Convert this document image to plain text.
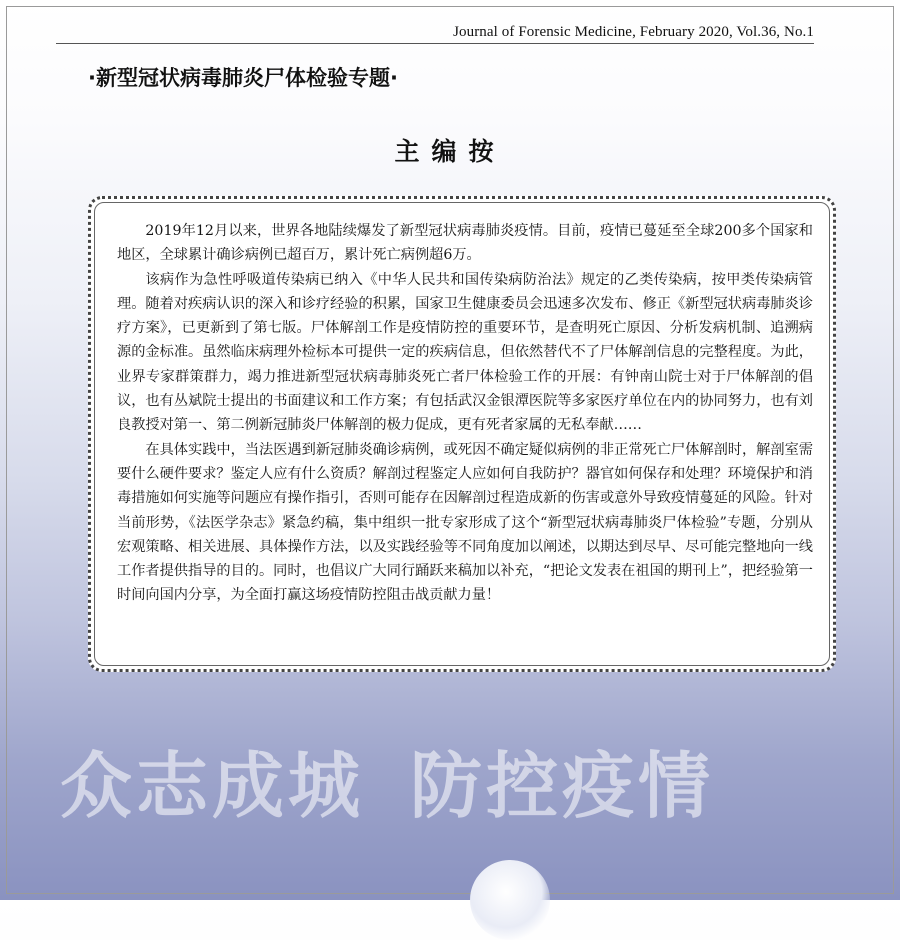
Journal of Forensic Medicine, February 2020, Vol.36, No.1
·新型冠状病毒肺炎尸体检验专题·
主编按

2019年12月以来，世界各地陆续爆发了新型冠状病毒肺炎疫情。目前，疫情已蔓延至全球200多个国家和地区，全球累计确诊病例已超百万，累计死亡病例超6万。

该病作为急性呼吸道传染病已纳入《中华人民共和国传染病防治法》规定的乙类传染病，按甲类传染病管理。随着对疾病认识的深入和诊疗经验的积累，国家卫生健康委员会迅速多次发布、修正《新型冠状病毒肺炎诊疗方案》，已更新到了第七版。尸体解剖工作是疫情防控的重要环节，是查明死亡原因、分析发病机制、追溯病源的金标准。虽然临床病理外检标本可提供一定的疾病信息，但依然替代不了尸体解剖信息的完整程度。为此，业界专家群策群力，竭力推进新型冠状病毒肺炎死亡者尸体检验工作的开展：有钟南山院士对于尸体解剖的倡议，也有丛斌院士提出的书面建议和工作方案；有包括武汉金银潭医院等多家医疗单位在内的协同努力，也有刘良教授对第一、第二例新冠肺炎尸体解剖的极力促成，更有死者家属的无私奉献……

在具体实践中，当法医遇到新冠肺炎确诊病例，或死因不确定疑似病例的非正常死亡尸体解剖时，解剖室需要什么硬件要求？鉴定人应有什么资质？解剖过程鉴定人应如何自我防护？器官如何保存和处理？环境保护和消毒措施如何实施等问题应有操作指引，否则可能存在因解剖过程造成新的伤害或意外导致疫情蔓延的风险。针对当前形势，《法医学杂志》紧急约稿，集中组织一批专家形成了这个“新型冠状病毒肺炎尸体检验”专题，分别从宏观策略、相关进展、具体操作方法，以及实践经验等不同角度加以阐述，以期达到尽早、尽可能完整地向一线工作者提供指导的目的。同时，也倡议广大同行踊跃来稿加以补充，“把论文发表在祖国的期刊上”，把经验第一时间向国内分享，为全面打赢这场疫情防控阻击战贡献力量！

众志成城 防控疫情
